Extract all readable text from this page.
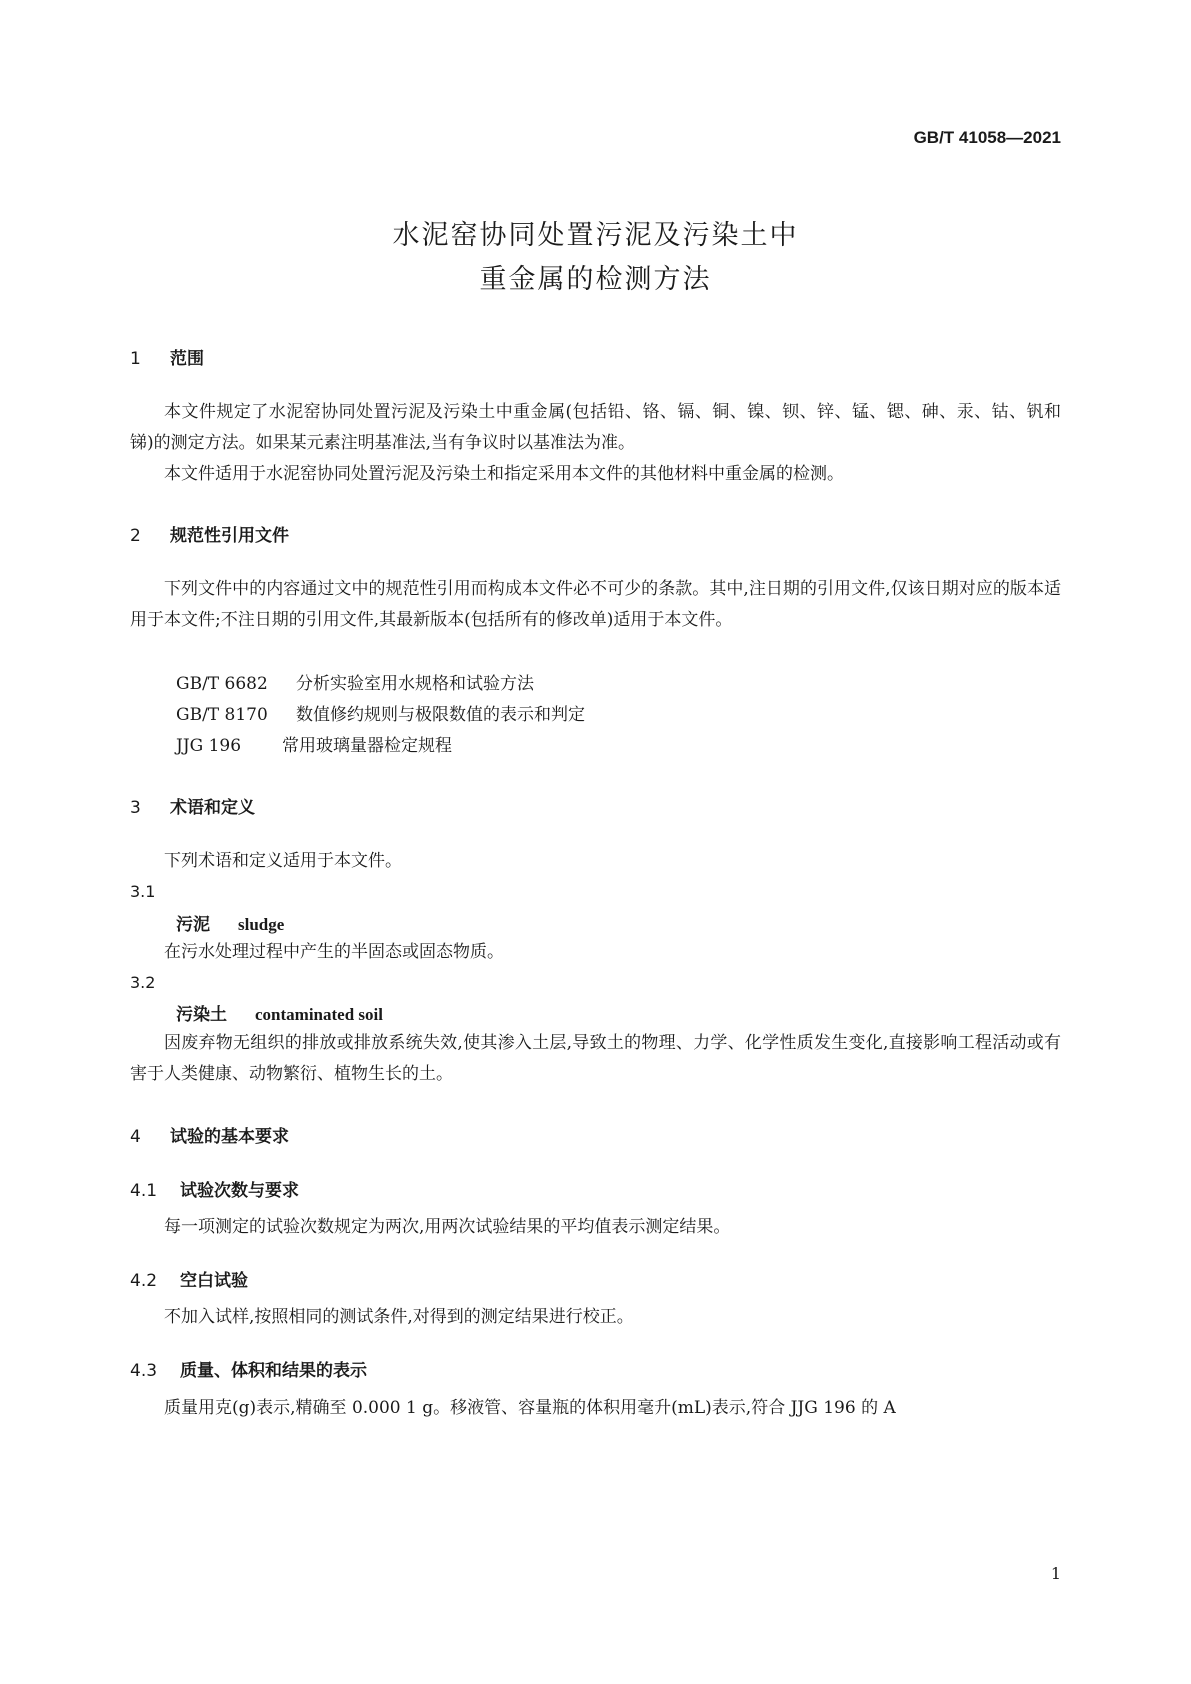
GB/T 41058—2021
水泥窑协同处置污泥及污染土中
重金属的检测方法
1 范围
本文件规定了水泥窑协同处置污泥及污染土中重金属(包括铅、铬、镉、铜、镍、钡、锌、锰、锶、砷、汞、钴、钒和锑)的测定方法。如果某元素注明基准法,当有争议时以基准法为准。
本文件适用于水泥窑协同处置污泥及污染土和指定采用本文件的其他材料中重金属的检测。
2 规范性引用文件
下列文件中的内容通过文中的规范性引用而构成本文件必不可少的条款。其中,注日期的引用文件,仅该日期对应的版本适用于本文件;不注日期的引用文件,其最新版本(包括所有的修改单)适用于本文件。
GB/T 6682 分析实验室用水规格和试验方法
GB/T 8170 数值修约规则与极限数值的表示和判定
JJG 196 常用玻璃量器检定规程
3 术语和定义
下列术语和定义适用于本文件。
3.1
污泥 sludge
在污水处理过程中产生的半固态或固态物质。
3.2
污染土 contaminated soil
因废弃物无组织的排放或排放系统失效,使其渗入土层,导致土的物理、力学、化学性质发生变化,直接影响工程活动或有害于人类健康、动物繁衍、植物生长的土。
4 试验的基本要求
4.1 试验次数与要求
每一项测定的试验次数规定为两次,用两次试验结果的平均值表示测定结果。
4.2 空白试验
不加入试样,按照相同的测试条件,对得到的测定结果进行校正。
4.3 质量、体积和结果的表示
质量用克(g)表示,精确至 0.000 1 g。移液管、容量瓶的体积用毫升(mL)表示,符合 JJG 196 的 A
1
